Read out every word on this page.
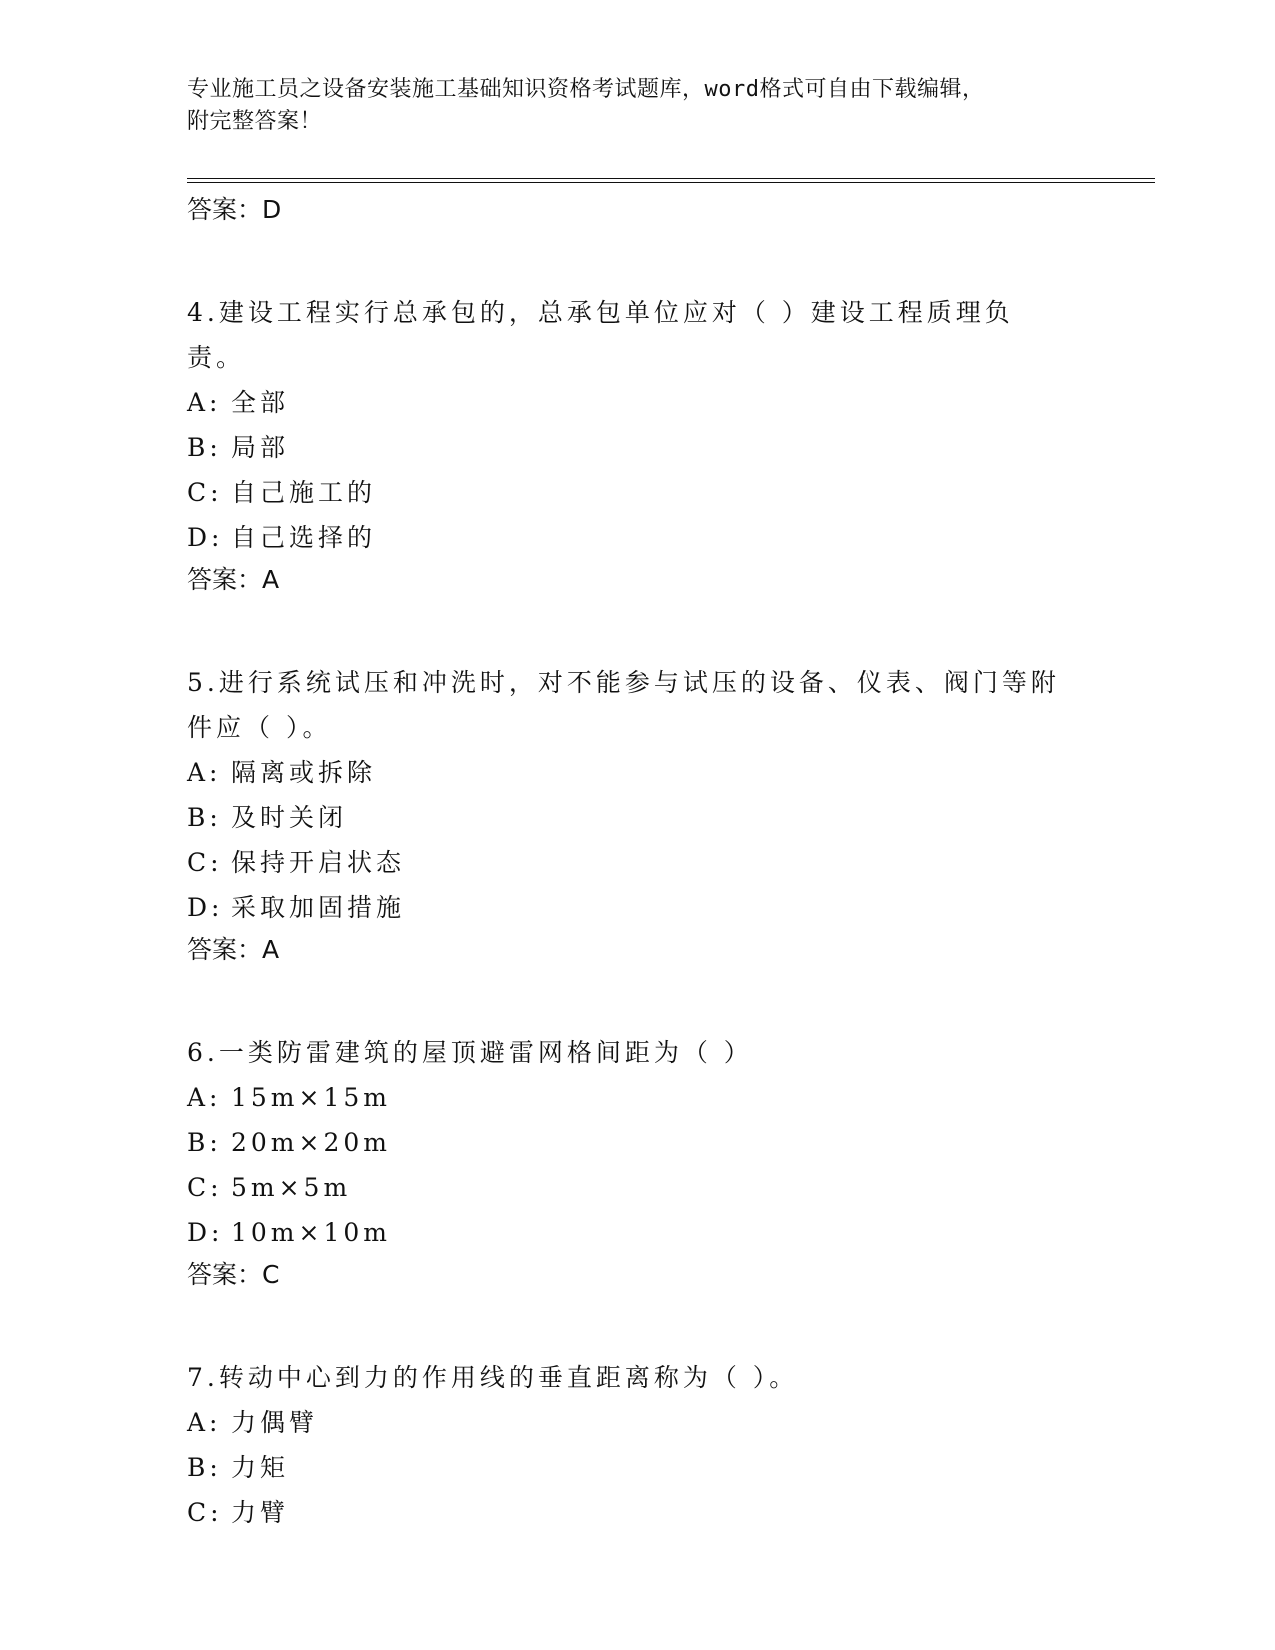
专业施工员之设备安装施工基础知识资格考试题库，word格式可自由下载编辑，
附完整答案！
答案：D
4.建设工程实行总承包的，总承包单位应对（ ）建设工程质理负责。
A: 全部
B: 局部
C: 自己施工的
D: 自己选择的
答案：A
5.进行系统试压和冲洗时，对不能参与试压的设备、仪表、阀门等附件应（ ）。
A: 隔离或拆除
B: 及时关闭
C: 保持开启状态
D: 采取加固措施
答案：A
6.一类防雷建筑的屋顶避雷网格间距为（ ）
A: 15m×15m
B: 20m×20m
C: 5m×5m
D: 10m×10m
答案：C
7.转动中心到力的作用线的垂直距离称为（ ）。
A: 力偶臂
B: 力矩
C: 力臂
